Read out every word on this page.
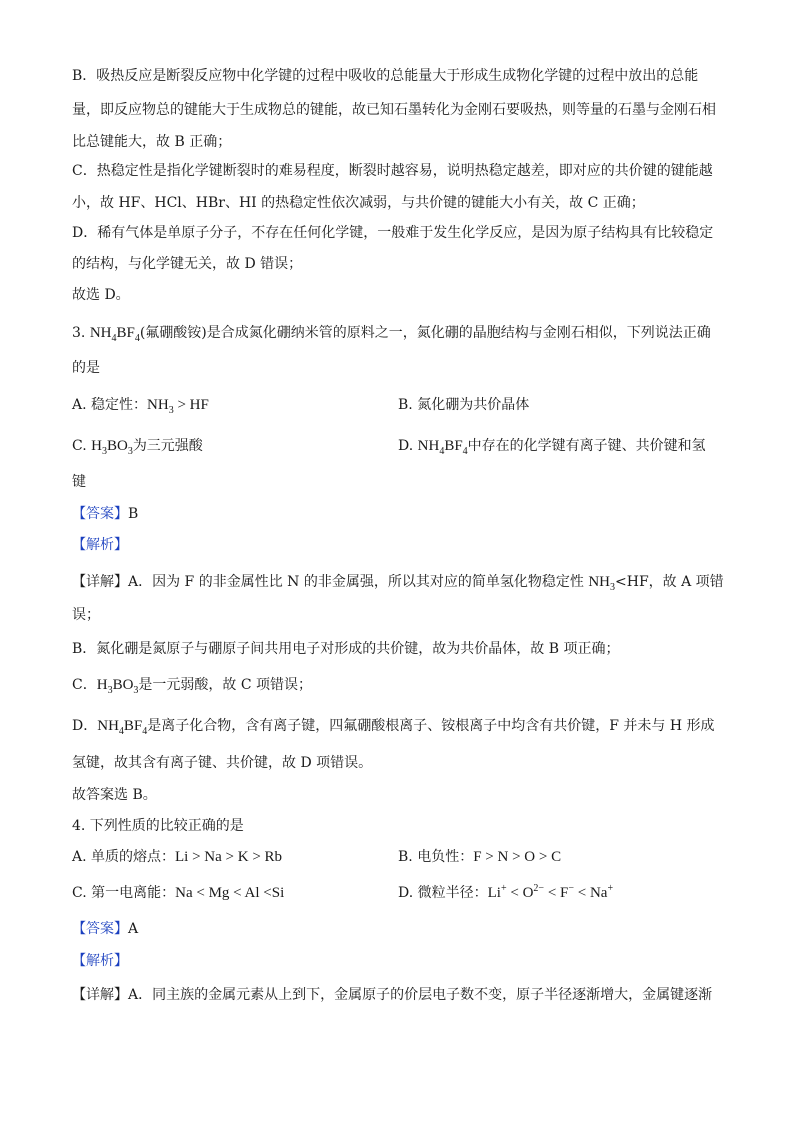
B．吸热反应是断裂反应物中化学键的过程中吸收的总能量大于形成生成物化学键的过程中放出的总能
量，即反应物总的键能大于生成物总的键能，故已知石墨转化为金刚石要吸热，则等量的石墨与金刚石相
比总键能大，故 B 正确；
C．热稳定性是指化学键断裂时的难易程度，断裂时越容易，说明热稳定越差，即对应的共价键的键能越
小，故 HF、HCl、HBr、HI 的热稳定性依次减弱，与共价键的键能大小有关，故 C 正确；
D．稀有气体是单原子分子，不存在任何化学键，一般难于发生化学反应，是因为原子结构具有比较稳定
的结构，与化学键无关，故 D 错误；
故选 D。
3. $NH_4BF_4$(氟硼酸铵)是合成氮化硼纳米管的原料之一，氮化硼的晶胞结构与金刚石相似，下列说法正确
的是
A. 稳定性：$NH_3$ > HF	B. 氮化硼为共价晶体
C. $H_3BO_3$为三元强酸	D. $NH_4BF_4$中存在的化学键有离子键、共价键和氢
键
【答案】B
【解析】
【详解】A．因为 F 的非金属性比 N 的非金属强，所以其对应的简单氢化物稳定性 $NH_3<HF$，故 A 项错
误；
B．氮化硼是氮原子与硼原子间共用电子对形成的共价键，故为共价晶体，故 B 项正确；
C．$H_3BO_3$是一元弱酸，故 C 项错误；
D．$NH_4BF_4$是离子化合物，含有离子键，四氟硼酸根离子、铵根离子中均含有共价键，F 并未与 H 形成
氢键，故其含有离子键、共价键，故 D 项错误。
故答案选 B。
4. 下列性质的比较正确的是
A. 单质的熔点：Li > Na > K > Rb	B. 电负性：F > N > O > C
C. 第一电离能：Na < Mg < Al <Si	D. 微粒半径：$Li^+ < O^{2-} < F^- < Na^+$
【答案】A
【解析】
【详解】A．同主族的金属元素从上到下，金属原子的价层电子数不变，原子半径逐渐增大，金属键逐渐
